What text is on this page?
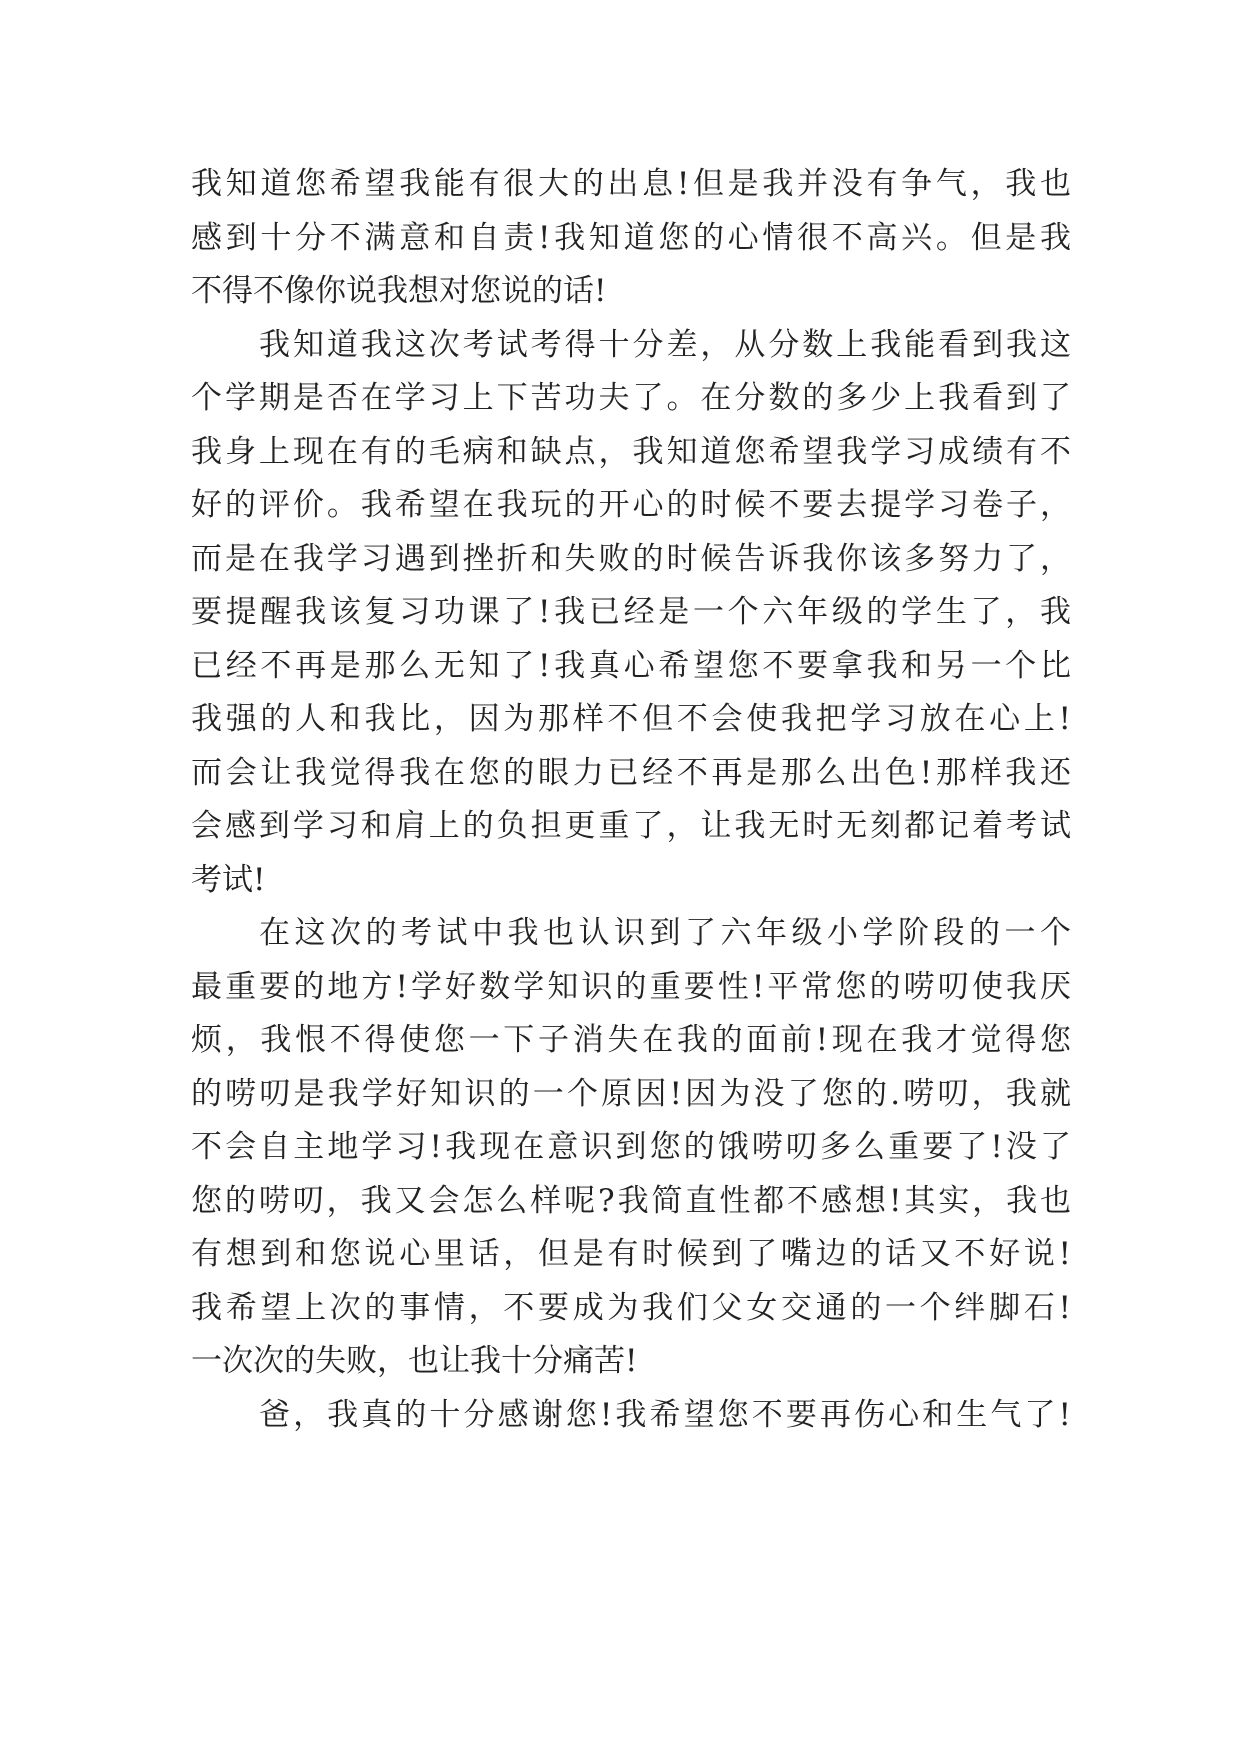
我知道您希望我能有很大的出息!但是我并没有争气，我也
感到十分不满意和自责!我知道您的心情很不高兴。但是我
不得不像你说我想对您说的话!
我知道我这次考试考得十分差，从分数上我能看到我这
个学期是否在学习上下苦功夫了。在分数的多少上我看到了
我身上现在有的毛病和缺点，我知道您希望我学习成绩有不
好的评价。我希望在我玩的开心的时候不要去提学习卷子，
而是在我学习遇到挫折和失败的时候告诉我你该多努力了，
要提醒我该复习功课了!我已经是一个六年级的学生了，我
已经不再是那么无知了!我真心希望您不要拿我和另一个比
我强的人和我比，因为那样不但不会使我把学习放在心上!
而会让我觉得我在您的眼力已经不再是那么出色!那样我还
会感到学习和肩上的负担更重了，让我无时无刻都记着考试
考试!
在这次的考试中我也认识到了六年级小学阶段的一个
最重要的地方!学好数学知识的重要性!平常您的唠叨使我厌
烦，我恨不得使您一下子消失在我的面前!现在我才觉得您
的唠叨是我学好知识的一个原因!因为没了您的.唠叨，我就
不会自主地学习!我现在意识到您的饿唠叨多么重要了!没了
您的唠叨，我又会怎么样呢?我简直性都不感想!其实，我也
有想到和您说心里话，但是有时候到了嘴边的话又不好说!
我希望上次的事情，不要成为我们父女交通的一个绊脚石!
一次次的失败，也让我十分痛苦!
爸，我真的十分感谢您!我希望您不要再伤心和生气了!
